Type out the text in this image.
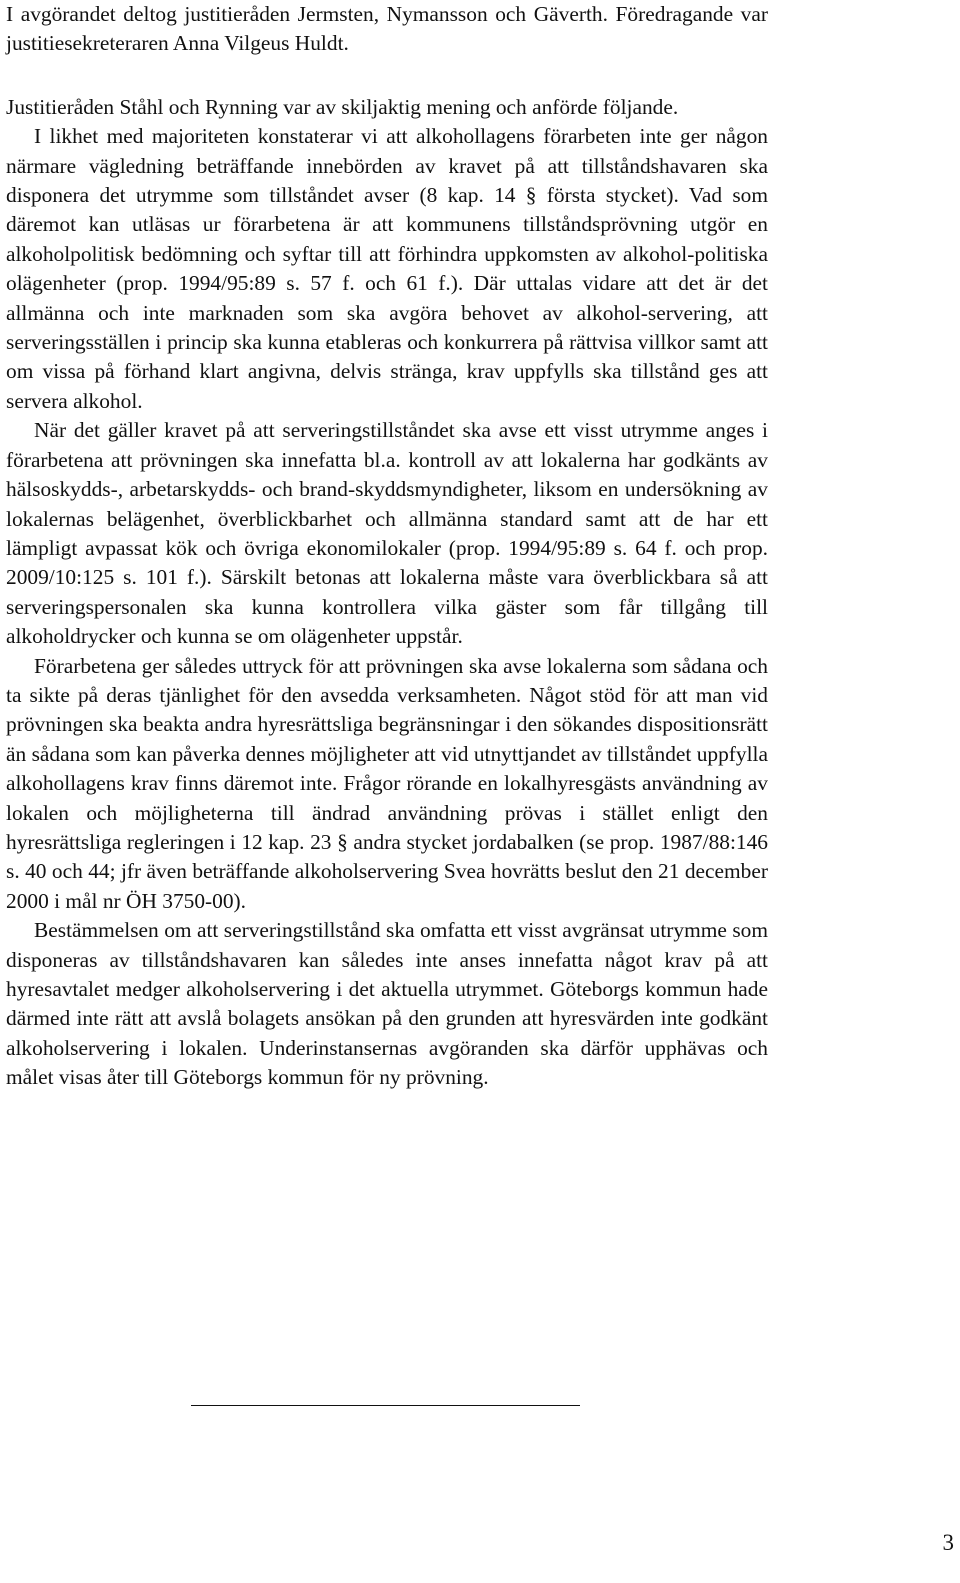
I avgörandet deltog justitieråden Jermsten, Nymansson och Gäverth. Föredragande var justitiesekreteraren Anna Vilgeus Huldt.

Justitieråden Ståhl och Rynning var av skiljaktig mening och anförde följande.

I likhet med majoriteten konstaterar vi att alkohollagens förarbeten inte ger någon närmare vägledning beträffande innebörden av kravet på att tillståndshavaren ska disponera det utrymme som tillståndet avser (8 kap. 14 § första stycket). Vad som däremot kan utläsas ur förarbetena är att kommunens tillståndsprövning utgör en alkoholpolitisk bedömning och syftar till att förhindra uppkomsten av alkohol-politiska olägenheter (prop. 1994/95:89 s. 57 f. och 61 f.). Där uttalas vidare att det är det allmänna och inte marknaden som ska avgöra behovet av alkohol-servering, att serveringsställen i princip ska kunna etableras och konkurrera på rättvisa villkor samt att om vissa på förhand klart angivna, delvis stränga, krav uppfylls ska tillstånd ges att servera alkohol.

När det gäller kravet på att serveringstillståndet ska avse ett visst utrymme anges i förarbetena att prövningen ska innefatta bl.a. kontroll av att lokalerna har godkänts av hälsoskydds-, arbetarskydds- och brand-skyddsmyndigheter, liksom en undersökning av lokalernas belägenhet, överblickbarhet och allmänna standard samt att de har ett lämpligt avpassat kök och övriga ekonomilokaler (prop. 1994/95:89 s. 64 f. och prop. 2009/10:125 s. 101 f.). Särskilt betonas att lokalerna måste vara överblickbara så att serveringspersonalen ska kunna kontrollera vilka gäster som får tillgång till alkoholdrycker och kunna se om olägenheter uppstår.

Förarbetena ger således uttryck för att prövningen ska avse lokalerna som sådana och ta sikte på deras tjänlighet för den avsedda verksamheten. Något stöd för att man vid prövningen ska beakta andra hyresrättsliga begränsningar i den sökandes dispositionsrätt än sådana som kan påverka dennes möjligheter att vid utnyttjandet av tillståndet uppfylla alkohollagens krav finns däremot inte. Frågor rörande en lokalhyresgästs användning av lokalen och möjligheterna till ändrad användning prövas i stället enligt den hyresrättsliga regleringen i 12 kap. 23 § andra stycket jordabalken (se prop. 1987/88:146 s. 40 och 44; jfr även beträffande alkoholservering Svea hovrätts beslut den 21 december 2000 i mål nr ÖH 3750-00).

Bestämmelsen om att serveringstillstånd ska omfatta ett visst avgränsat utrymme som disponeras av tillståndshavaren kan således inte anses innefatta något krav på att hyresavtalet medger alkoholservering i det aktuella utrymmet. Göteborgs kommun hade därmed inte rätt att avslå bolagets ansökan på den grunden att hyresvärden inte godkänt alkoholservering i lokalen. Underinstansernas avgöranden ska därför upphävas och målet visas åter till Göteborgs kommun för ny prövning.

3
